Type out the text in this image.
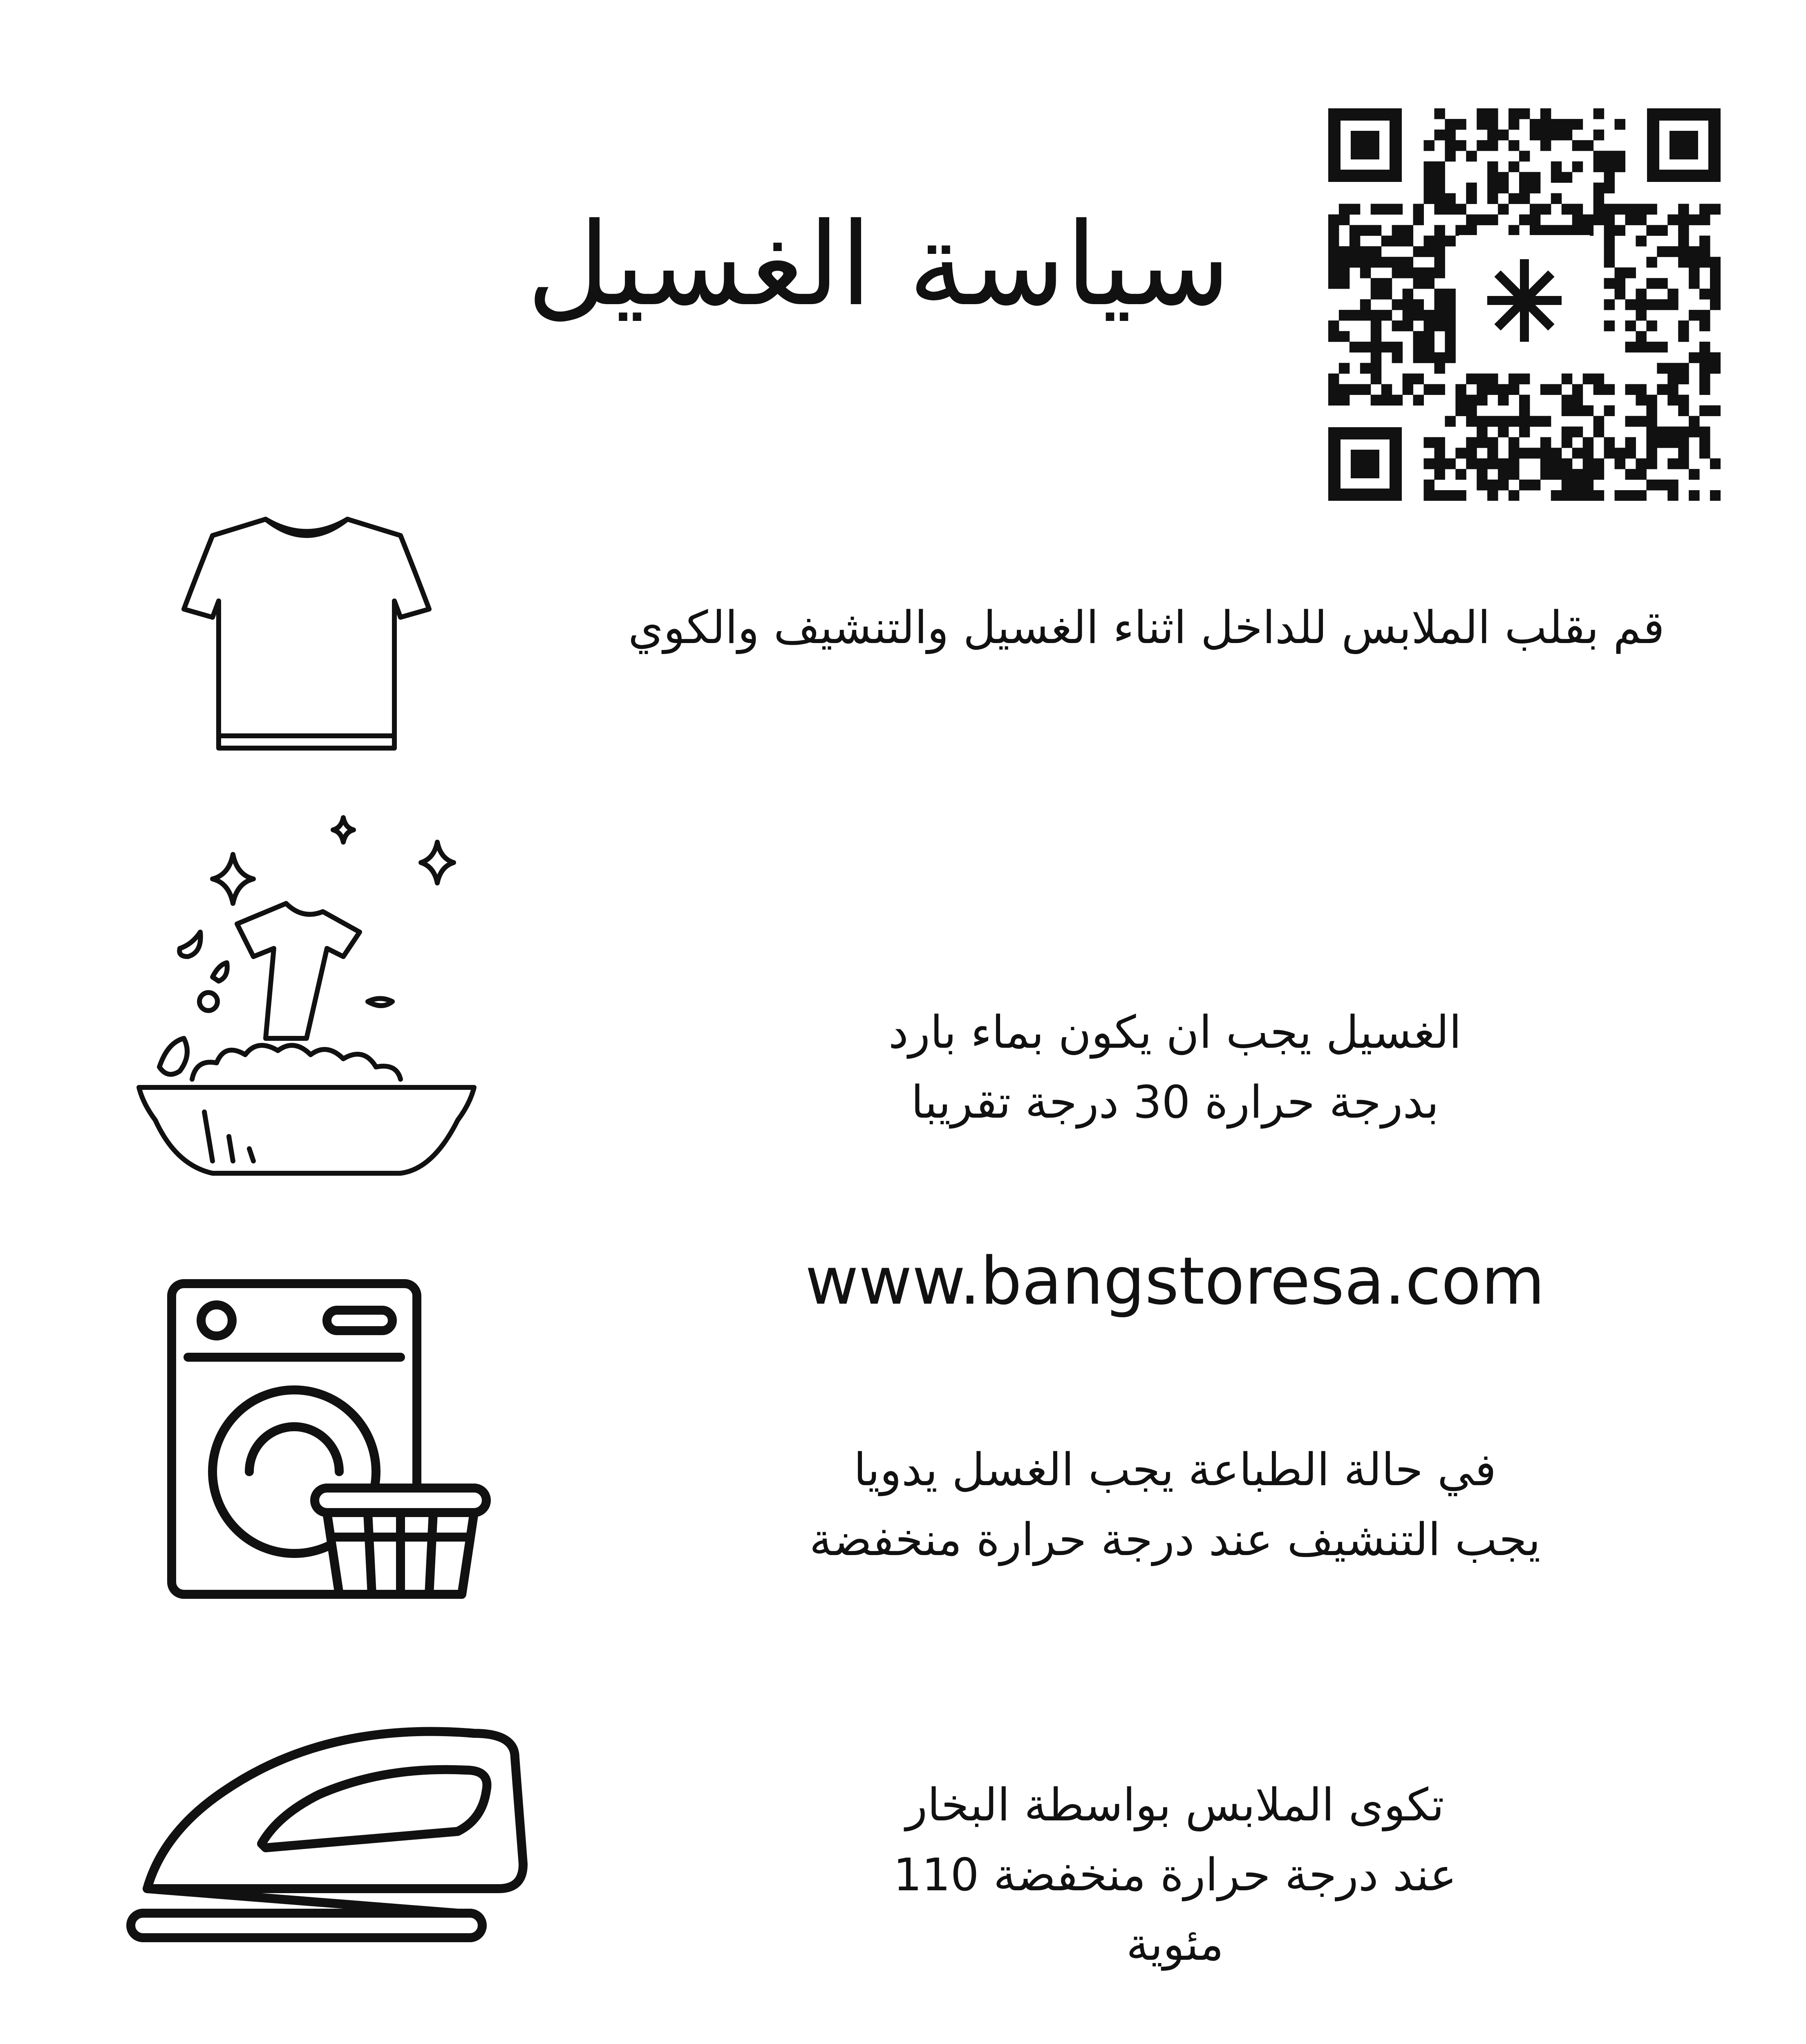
سياسة الغسيل
قم بقلب الملابس للداخل اثناء الغسيل والتنشيف والكوي
الغسيل يجب ان يكون بماء بارد
بدرجة حرارة 30 درجة تقريبا
www.bangstoresa.com
في حالة الطباعة يجب الغسل يدويا
يجب التنشيف عند درجة حرارة منخفضة
تكوى الملابس بواسطة البخار
عند درجة حرارة منخفضة 110
مئوية
